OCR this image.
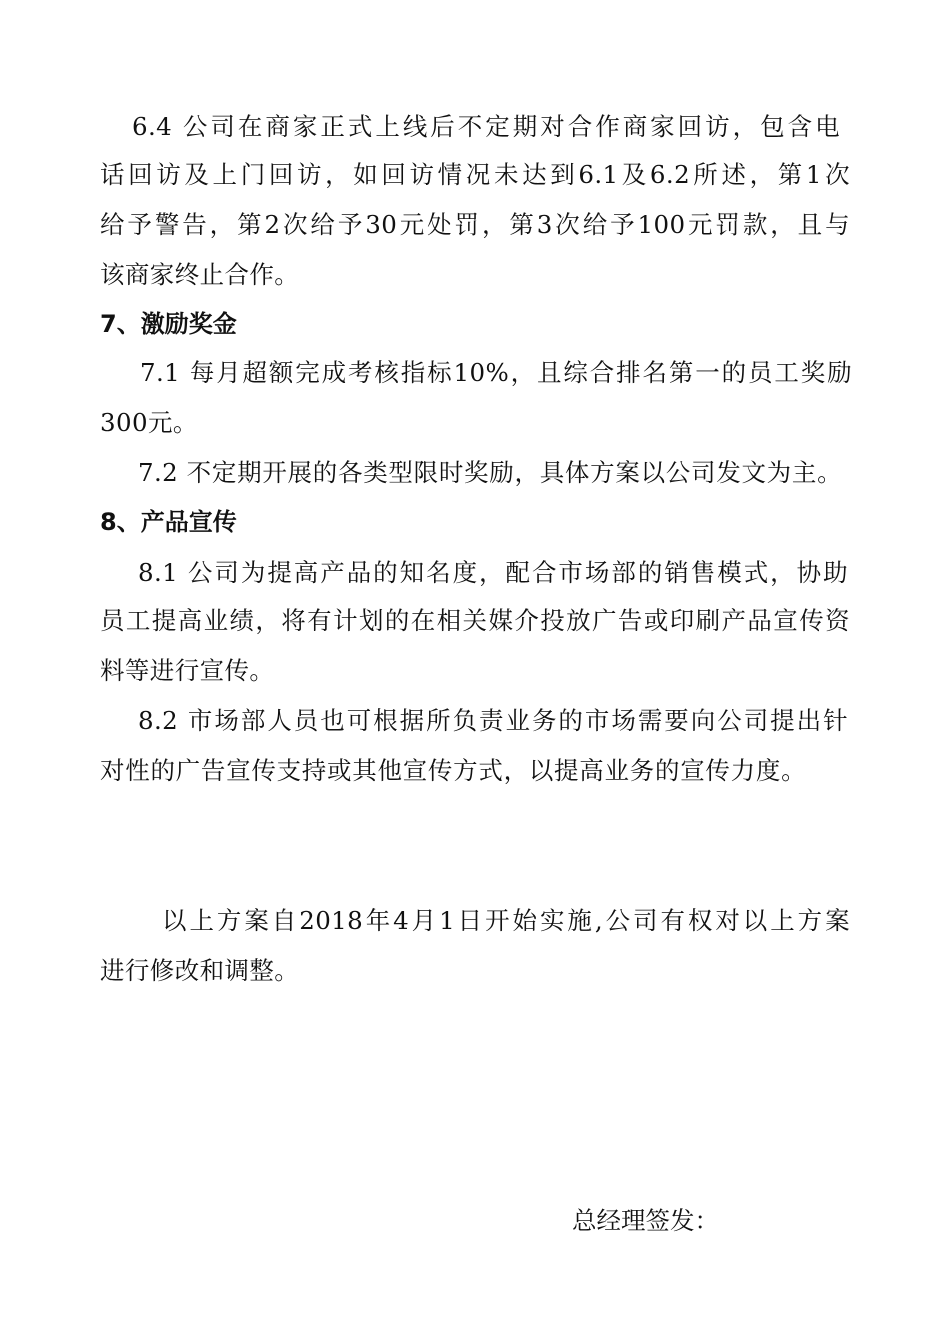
6.4 公司在商家正式上线后不定期对合作商家回访，包含电
话回访及上门回访，如回访情况未达到6.1及6.2所述，第1次
给予警告，第2次给予30元处罚，第3次给予100元罚款，且与
该商家终止合作。
7、激励奖金
7.1 每月超额完成考核指标10%，且综合排名第一的员工奖励
300元。
7.2 不定期开展的各类型限时奖励，具体方案以公司发文为主。
8、产品宣传
8.1 公司为提高产品的知名度，配合市场部的销售模式，协助
员工提高业绩，将有计划的在相关媒介投放广告或印刷产品宣传资
料等进行宣传。
8.2 市场部人员也可根据所负责业务的市场需要向公司提出针
对性的广告宣传支持或其他宣传方式，以提高业务的宣传力度。
以上方案自2018年4月1日开始实施,公司有权对以上方案
进行修改和调整。
总经理签发：
